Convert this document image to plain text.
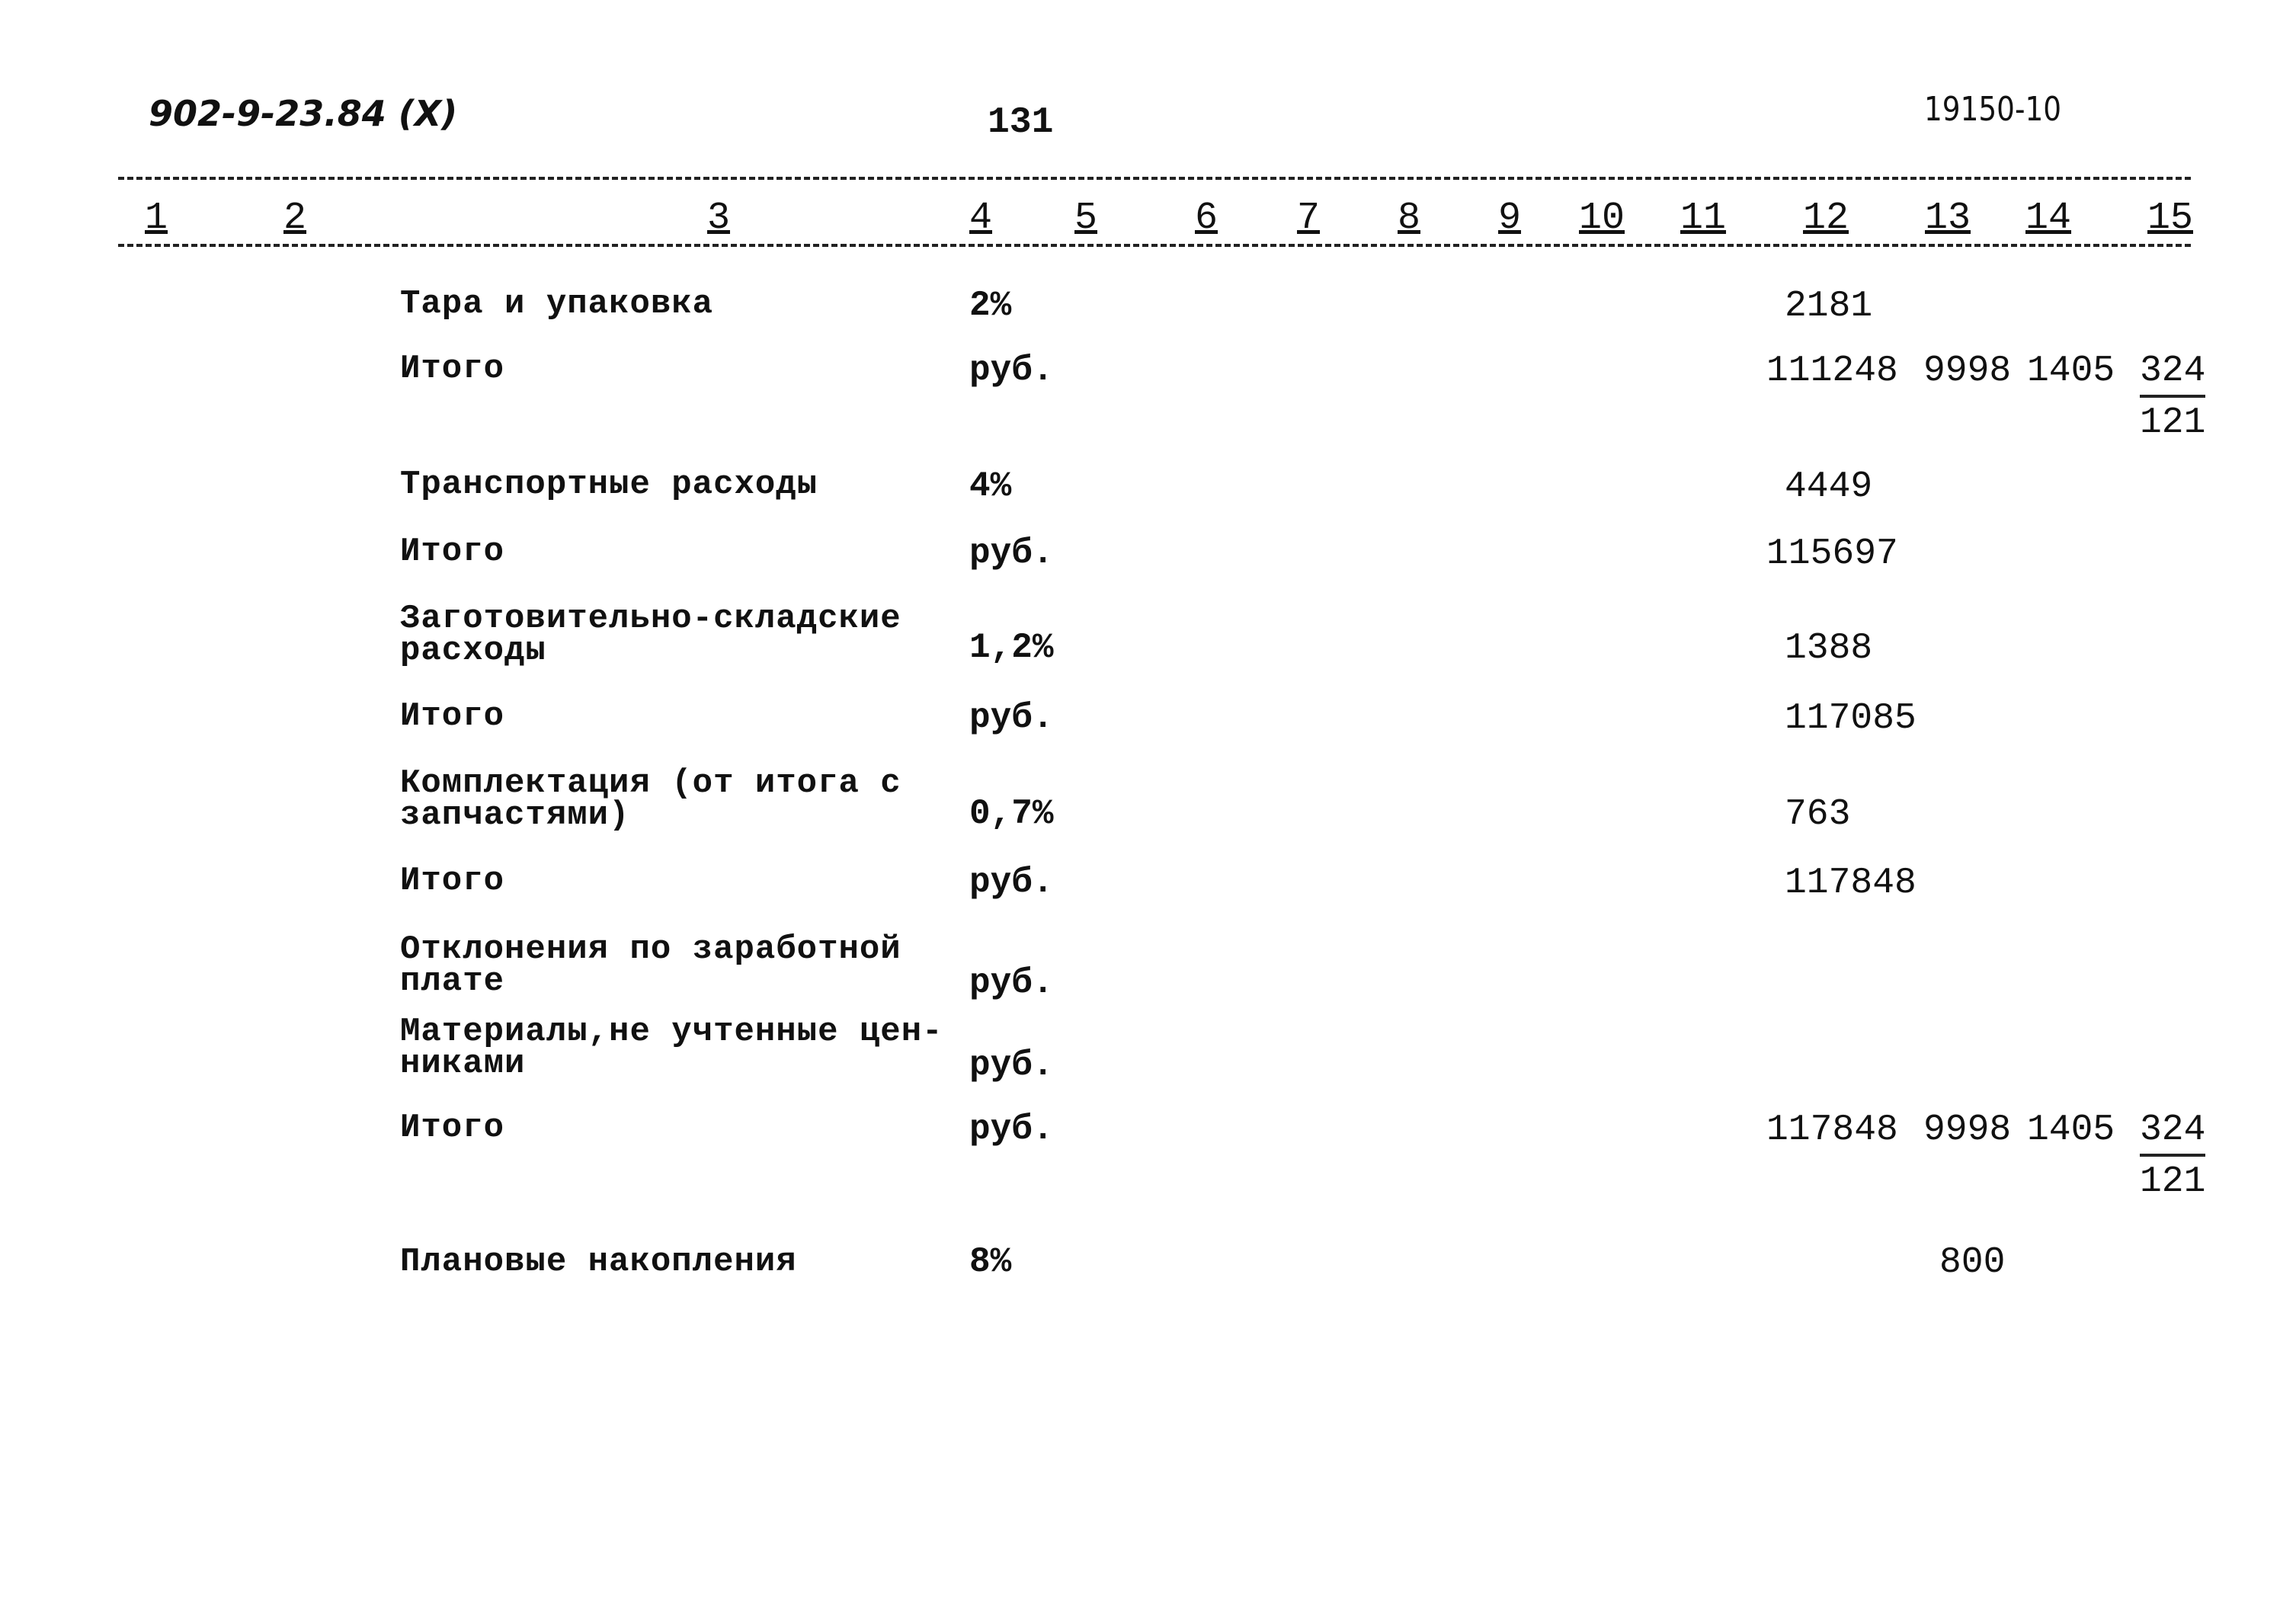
902-9-23.84 (X)	131	19150-10
1	2	3	4 5	6 7 8 9 10 11 12 13 14 15
Тара и упаковка	2%	2181
Итого	руб.	111248 9998 $1405 \frac{324}{121}$
Транспортные расходы	4%	4449
Итого	руб.	115697
Заготовительно-складские
расходы	1,2%	1388
Итого	руб.	117085
Комплектация (от итога с
запчастями)	0,7%	763
Итого	руб.	117848
Отклонения по заработной
плате	руб.
Материалы,не учтенные цен-
никами	руб.
Итого	руб.	117848 9998 $1405 \frac{324}{121}$
Плановые накопления	8%	800
